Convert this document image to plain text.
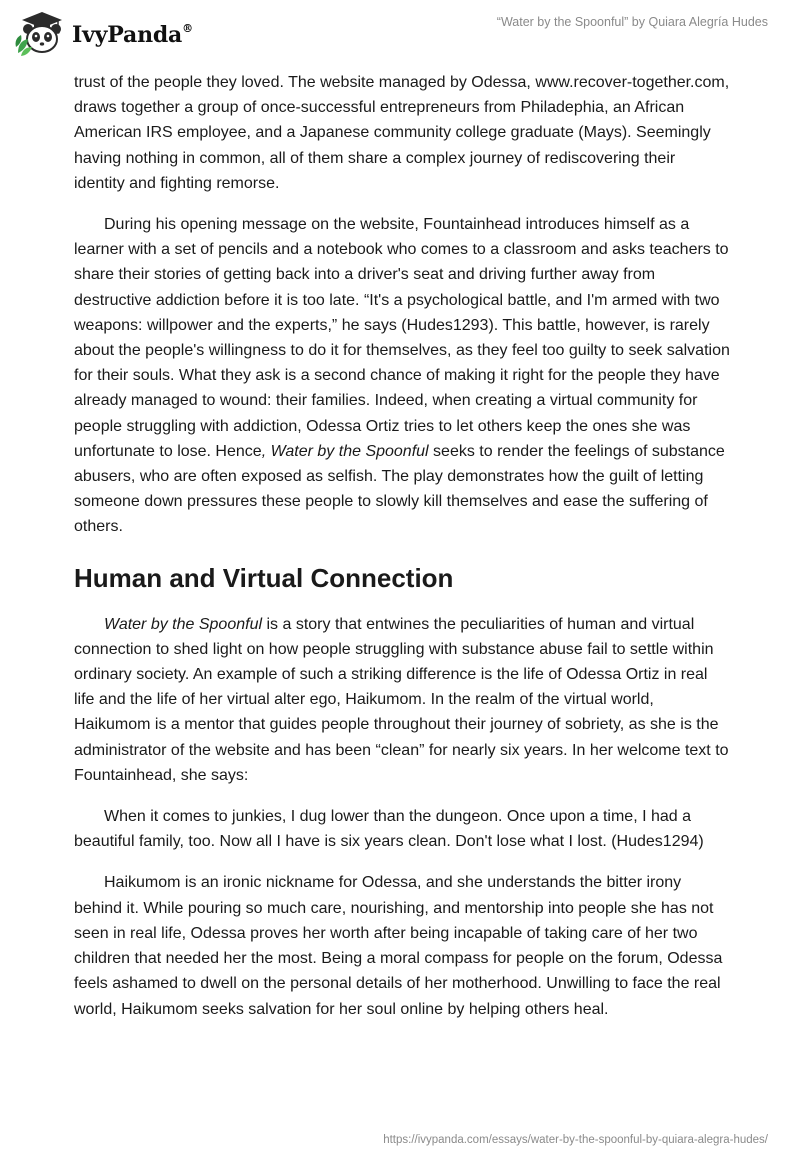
IvyPanda®	“Water by the Spoonful” by Quiara Alegría Hudes

trust of the people they loved. The website managed by Odessa, www.recover-together.com, draws together a group of once-successful entrepreneurs from Philadephia, an African American IRS employee, and a Japanese community college graduate (Mays). Seemingly having nothing in common, all of them share a complex journey of rediscovering their identity and fighting remorse.

During his opening message on the website, Fountainhead introduces himself as a learner with a set of pencils and a notebook who comes to a classroom and asks teachers to share their stories of getting back into a driver's seat and driving further away from destructive addiction before it is too late. “It's a psychological battle, and I'm armed with two weapons: willpower and the experts,” he says (Hudes1293). This battle, however, is rarely about the people's willingness to do it for themselves, as they feel too guilty to seek salvation for their souls. What they ask is a second chance of making it right for the people they have already managed to wound: their families. Indeed, when creating a virtual community for people struggling with addiction, Odessa Ortiz tries to let others keep the ones she was unfortunate to lose. Hence, Water by the Spoonful seeks to render the feelings of substance abusers, who are often exposed as selfish. The play demonstrates how the guilt of letting someone down pressures these people to slowly kill themselves and ease the suffering of others.

Human and Virtual Connection

Water by the Spoonful is a story that entwines the peculiarities of human and virtual connection to shed light on how people struggling with substance abuse fail to settle within ordinary society. An example of such a striking difference is the life of Odessa Ortiz in real life and the life of her virtual alter ego, Haikumom. In the realm of the virtual world, Haikumom is a mentor that guides people throughout their journey of sobriety, as she is the administrator of the website and has been “clean” for nearly six years. In her welcome text to Fountainhead, she says:

When it comes to junkies, I dug lower than the dungeon. Once upon a time, I had a beautiful family, too. Now all I have is six years clean. Don't lose what I lost. (Hudes1294)

Haikumom is an ironic nickname for Odessa, and she understands the bitter irony behind it. While pouring so much care, nourishing, and mentorship into people she has not seen in real life, Odessa proves her worth after being incapable of taking care of her two children that needed her the most. Being a moral compass for people on the forum, Odessa feels ashamed to dwell on the personal details of her motherhood. Unwilling to face the real world, Haikumom seeks salvation for her soul online by helping others heal.

https://ivypanda.com/essays/water-by-the-spoonful-by-quiara-alegra-hudes/
